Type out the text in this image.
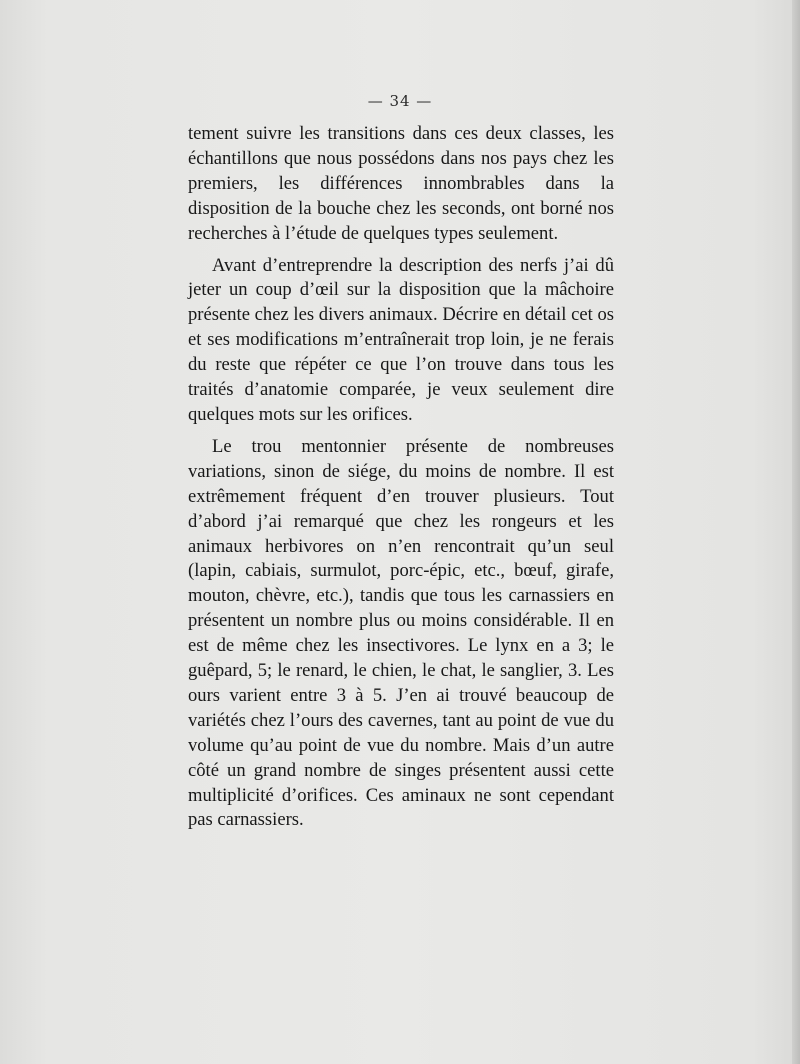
— 34 —

tement suivre les transitions dans ces deux classes, les échantillons que nous possédons dans nos pays chez les premiers, les différences innombrables dans la disposition de la bouche chez les seconds, ont borné nos recherches à l’étude de quelques types seulement.

Avant d’entreprendre la description des nerfs j’ai dû jeter un coup d’œil sur la disposition que la mâchoire présente chez les divers animaux. Décrire en détail cet os et ses modifications m’entraînerait trop loin, je ne ferais du reste que répéter ce que l’on trouve dans tous les traités d’anatomie comparée, je veux seulement dire quelques mots sur les orifices.

Le trou mentonnier présente de nombreuses variations, sinon de siége, du moins de nombre. Il est extrêmement fréquent d’en trouver plusieurs. Tout d’abord j’ai remarqué que chez les rongeurs et les animaux herbivores on n’en rencontrait qu’un seul (lapin, cabiais, surmulot, porc-épic, etc., bœuf, girafe, mouton, chèvre, etc.), tandis que tous les carnassiers en présentent un nombre plus ou moins considérable. Il en est de même chez les insectivores. Le lynx en a 3; le guêpard, 5; le renard, le chien, le chat, le sanglier, 3. Les ours varient entre 3 à 5. J’en ai trouvé beaucoup de variétés chez l’ours des cavernes, tant au point de vue du volume qu’au point de vue du nombre. Mais d’un autre côté un grand nombre de singes présentent aussi cette multiplicité d’orifices. Ces aminaux ne sont cependant pas carnassiers.
